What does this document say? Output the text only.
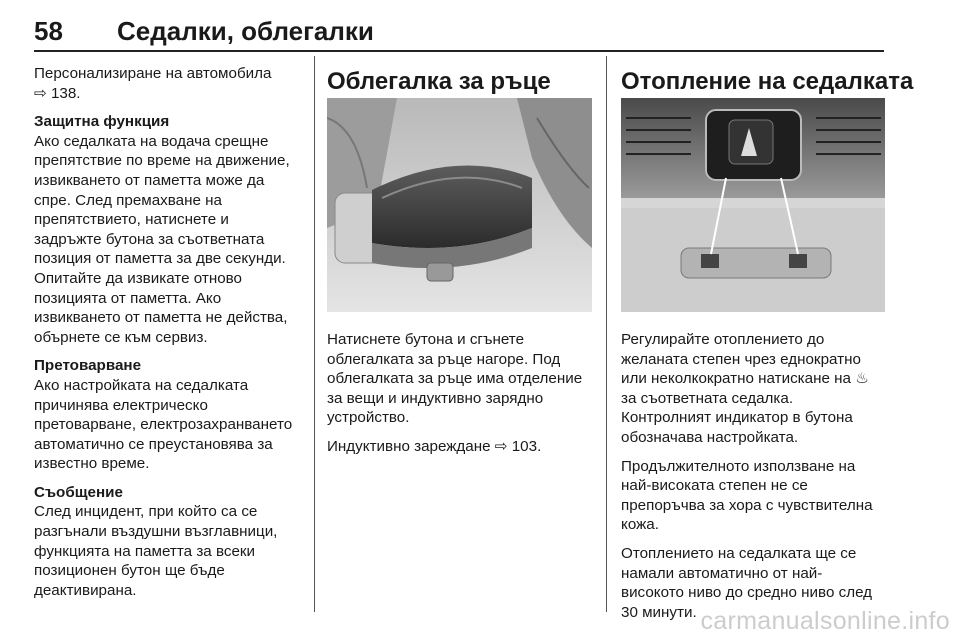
58 Седалки, облегалки

Персонализиране на автомобила
⇨ 138.

Защитна функция
Ако седалката на водача срещне препятствие по време на движение, извикването от паметта може да спре. След премахване на препятствието, натиснете и задръжте бутона за съответната позиция от паметта за две секунди. Опитайте да извикате отново позицията от паметта. Ако извикването от паметта не действа, обърнете се към сервиз.

Претоварване
Ако настройката на седалката причинява електрическо претоварване, електрозахранването автоматично се преустановява за известно време.

Съобщение
След инцидент, при който са се разгънали въздушни възглавници, функцията на паметта за всеки позиционен бутон ще бъде деактивирана.

Облегалка за ръце

Натиснете бутона и сгънете облегалката за ръце нагоре. Под облегалката за ръце има отделение за вещи и индуктивно зарядно устройство.

Индуктивно зареждане ⇨ 103.

Отопление на седалката

Регулирайте отоплението до желаната степен чрез еднократно или неколкократно натискане на ♨ за съответната седалка. Контролният индикатор в бутона обозначава настройката.

Продължителното използване на най-високата степен не се препоръчва за хора с чувствителна кожа.

Отоплението на седалката ще се намали автоматично от най-високото ниво до средно ниво след 30 минути. carmanualsonline.info
